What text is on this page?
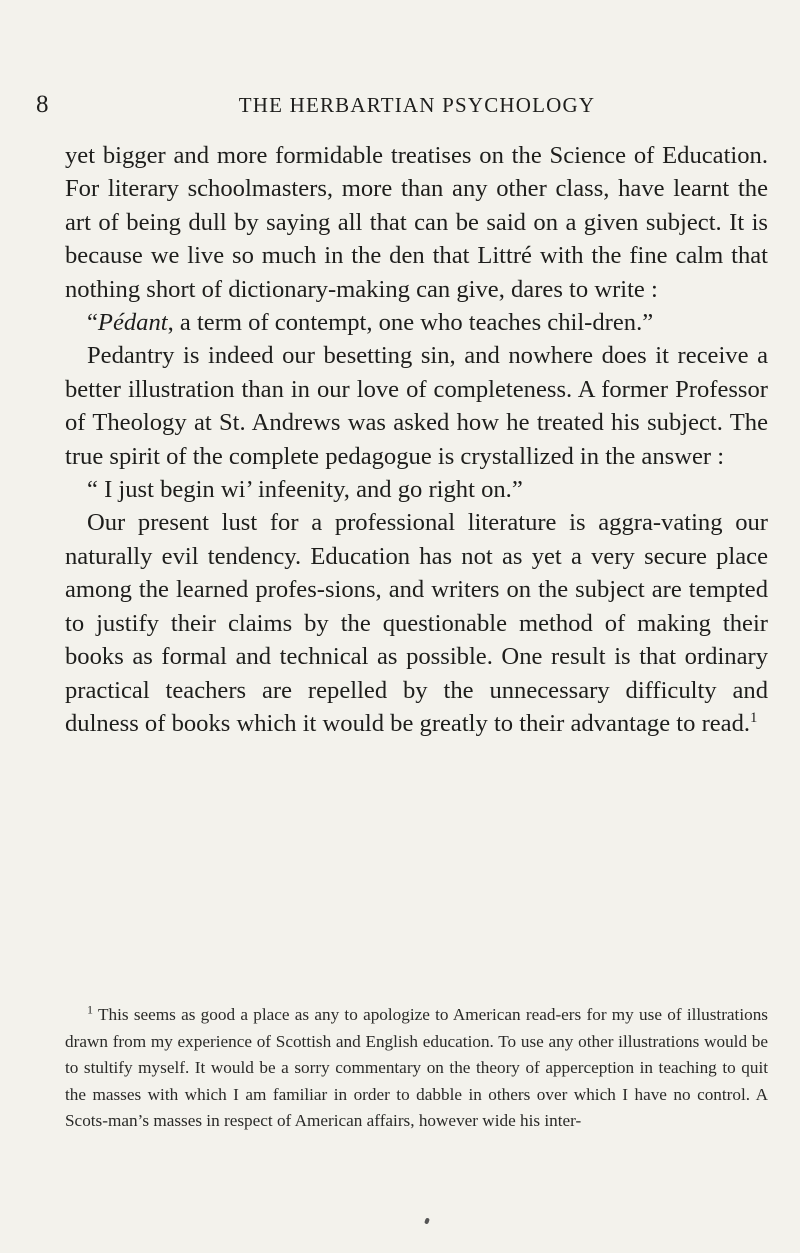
8	THE HERBARTIAN PSYCHOLOGY

yet bigger and more formidable treatises on the Science of Education. For literary schoolmasters, more than any other class, have learnt the art of being dull by saying all that can be said on a given subject. It is because we live so much in the den that Littré with the fine calm that nothing short of dictionary-making can give, dares to write :

“Pédant, a term of contempt, one who teaches chil-dren.”

Pedantry is indeed our besetting sin, and nowhere does it receive a better illustration than in our love of completeness. A former Professor of Theology at St. Andrews was asked how he treated his subject. The true spirit of the complete pedagogue is crystallized in the answer :

“ I just begin wi’ infeenity, and go right on.”

Our present lust for a professional literature is aggra-vating our naturally evil tendency. Education has not as yet a very secure place among the learned profes-sions, and writers on the subject are tempted to justify their claims by the questionable method of making their books as formal and technical as possible. One result is that ordinary practical teachers are repelled by the unnecessary difficulty and dulness of books which it would be greatly to their advantage to read.$^1$

$^1$ This seems as good a place as any to apologize to American read-ers for my use of illustrations drawn from my experience of Scottish and English education. To use any other illustrations would be to stultify myself. It would be a sorry commentary on the theory of apperception in teaching to quit the masses with which I am familiar in order to dabble in others over which I have no control. A Scots-man’s masses in respect of American affairs, however wide his inter-
